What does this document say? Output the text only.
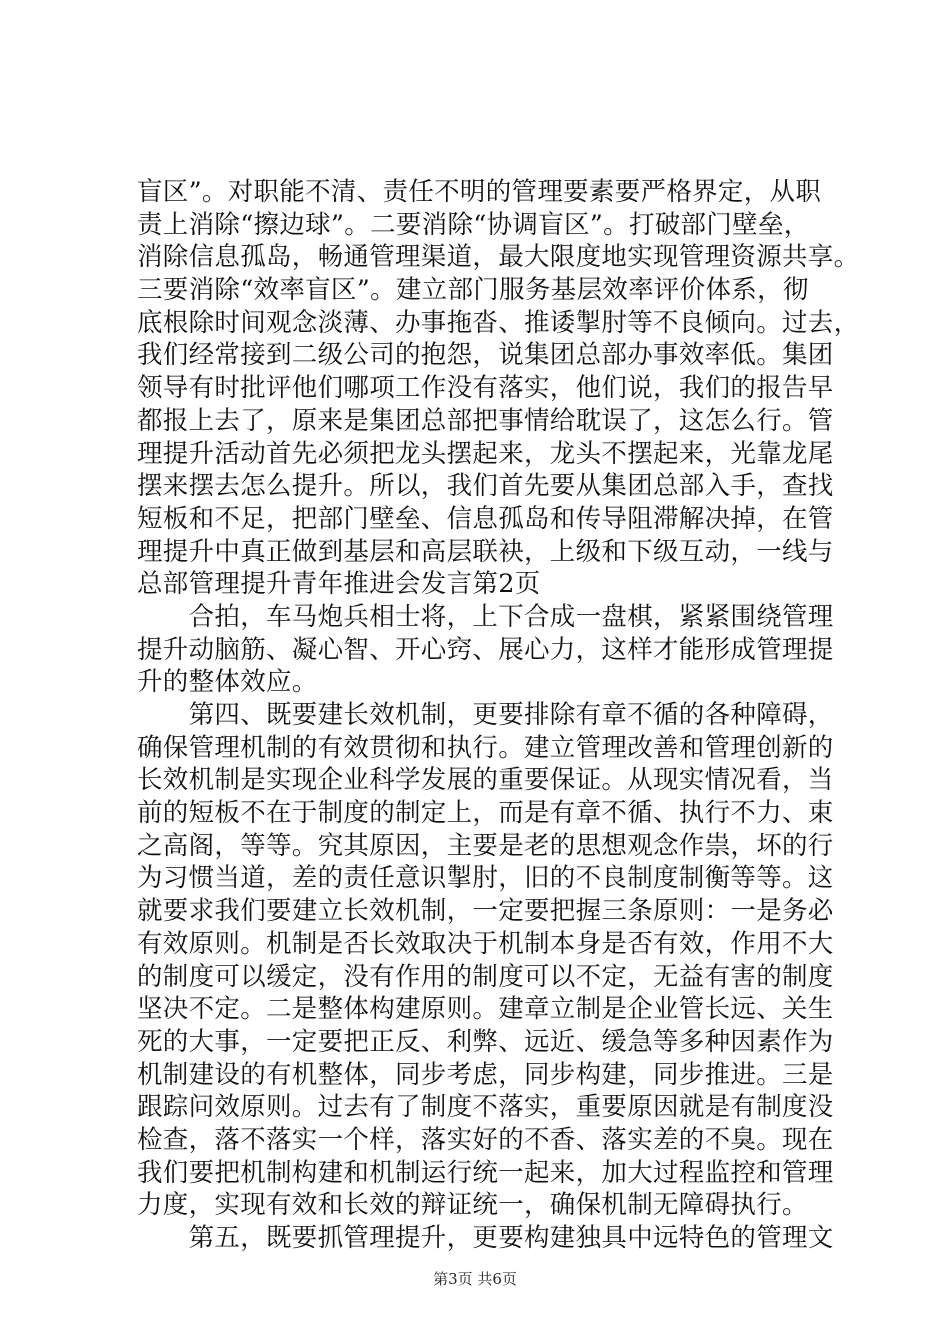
盲区”。对职能不清、责任不明的管理要素要严格界定，从职
责上消除“擦边球”。二要消除“协调盲区”。打破部门壁垒，
消除信息孤岛，畅通管理渠道，最大限度地实现管理资源共享。
三要消除“效率盲区”。建立部门服务基层效率评价体系，彻
底根除时间观念淡薄、办事拖沓、推诿掣肘等不良倾向。过去，
我们经常接到二级公司的抱怨，说集团总部办事效率低。集团
领导有时批评他们哪项工作没有落实，他们说，我们的报告早
都报上去了，原来是集团总部把事情给耽误了，这怎么行。管
理提升活动首先必须把龙头摆起来，龙头不摆起来，光靠龙尾
摆来摆去怎么提升。所以，我们首先要从集团总部入手，查找
短板和不足，把部门壁垒、信息孤岛和传导阻滞解决掉，在管
理提升中真正做到基层和高层联袂，上级和下级互动，一线与
总部管理提升青年推进会发言第2页
　　合拍，车马炮兵相士将，上下合成一盘棋，紧紧围绕管理
提升动脑筋、凝心智、开心窍、展心力，这样才能形成管理提
升的整体效应。
　　第四、既要建长效机制，更要排除有章不循的各种障碍，
确保管理机制的有效贯彻和执行。建立管理改善和管理创新的
长效机制是实现企业科学发展的重要保证。从现实情况看，当
前的短板不在于制度的制定上，而是有章不循、执行不力、束
之高阁，等等。究其原因，主要是老的思想观念作祟，坏的行
为习惯当道，差的责任意识掣肘，旧的不良制度制衡等等。这
就要求我们要建立长效机制，一定要把握三条原则：一是务必
有效原则。机制是否长效取决于机制本身是否有效，作用不大
的制度可以缓定，没有作用的制度可以不定，无益有害的制度
坚决不定。二是整体构建原则。建章立制是企业管长远、关生
死的大事，一定要把正反、利弊、远近、缓急等多种因素作为
机制建设的有机整体，同步考虑，同步构建，同步推进。三是
跟踪问效原则。过去有了制度不落实，重要原因就是有制度没
检查，落不落实一个样，落实好的不香、落实差的不臭。现在
我们要把机制构建和机制运行统一起来，加大过程监控和管理
力度，实现有效和长效的辩证统一，确保机制无障碍执行。
　　第五，既要抓管理提升，更要构建独具中远特色的管理文
第3页 共6页
